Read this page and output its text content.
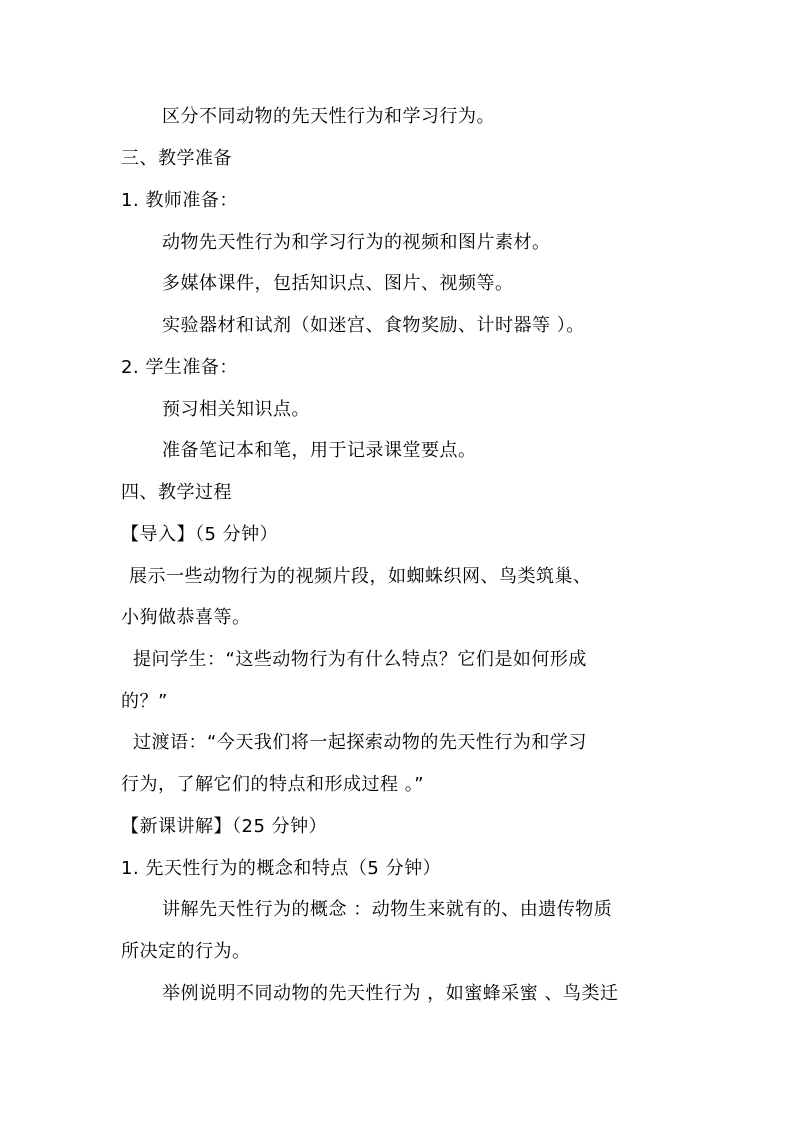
区分不同动物的先天性行为和学习行为。
三、教学准备
1. 教师准备：
动物先天性行为和学习行为的视频和图片素材。
多媒体课件，包括知识点、图片、视频等。
实验器材和试剂（如迷宫、食物奖励、计时器等 ）。
2. 学生准备：
预习相关知识点。
准备笔记本和笔，用于记录课堂要点。
四、教学过程
【导入】（5 分钟）
展示一些动物行为的视频片段，如蜘蛛织网、鸟类筑巢、
小狗做恭喜等。
提问学生：“这些动物行为有什么特点？它们是如何形成
的？”
过渡语：“今天我们将一起探索动物的先天性行为和学习
行为，了解它们的特点和形成过程 。”
【新课讲解】（25 分钟）
1. 先天性行为的概念和特点（5 分钟）
讲解先天性行为的概念 ：动物生来就有的、由遗传物质
所决定的行为。
举例说明不同动物的先天性行为 ，如蜜蜂采蜜 、鸟类迁
